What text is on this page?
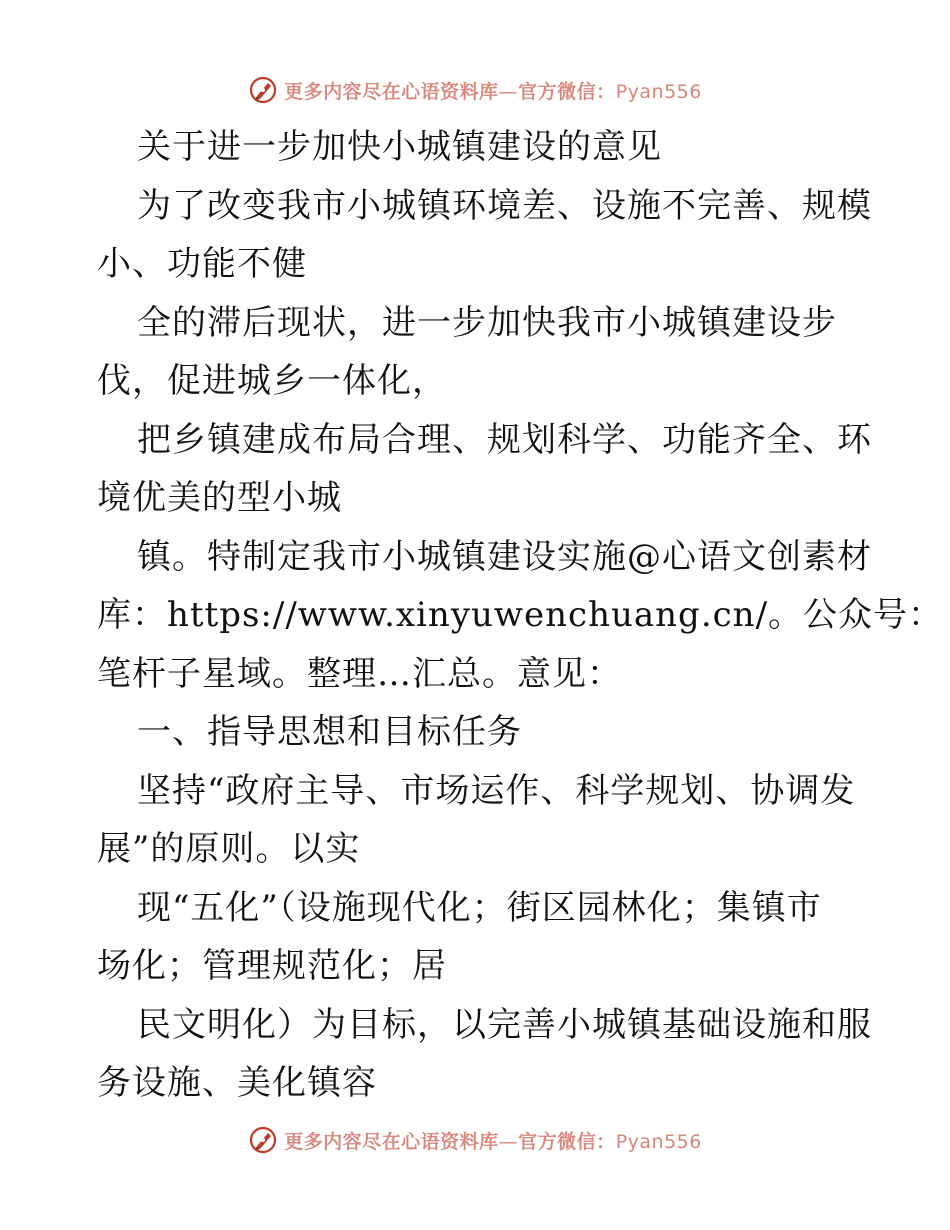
更多内容尽在心语资料库—官方微信：Pyan556
关于进一步加快小城镇建设的意见
为了改变我市小城镇环境差、设施不完善、规模
小、功能不健
全的滞后现状，进一步加快我市小城镇建设步
伐，促进城乡一体化，
把乡镇建成布局合理、规划科学、功能齐全、环
境优美的型小城
镇。特制定我市小城镇建设实施@心语文创素材
库：https://www.xinyuwenchuang.cn/。公众号：
笔杆子星域。整理…汇总。意见：
一、指导思想和目标任务
坚持“政府主导、市场运作、科学规划、协调发
展”的原则。以实
现“五化”（设施现代化；街区园林化；集镇市
场化；管理规范化；居
民文明化）为目标，以完善小城镇基础设施和服
务设施、美化镇容
更多内容尽在心语资料库—官方微信：Pyan556
